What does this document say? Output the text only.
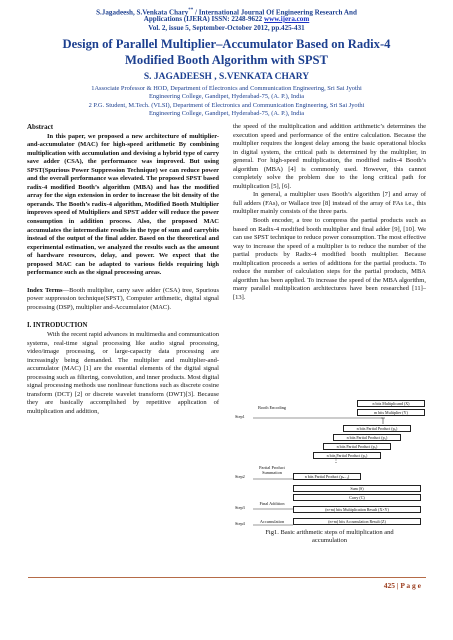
S.Jagadeesh, S.Venkata Chary** / International Journal Of Engineering Research And
Applications (IJERA) ISSN: 2248-9622 www.ijera.com
Vol. 2, issue 5, September-October 2012, pp.425-431
Design of Parallel Multiplier–Accumulator Based on Radix-4
Modified Booth Algorithm with SPST
S. JAGADEESH , S.VENKATA CHARY
1Associate Professor & HOD, Department of Electronics and Communication Engineering, Sri Sai Jyothi
Engineering College, Gandipet, Hyderabad-75, (A. P.), India
2 P.G. Student, M.Tech. (VLSI), Department of Electronics and Communication Engineering, Sri Sai Jyothi
Engineering College, Gandipet, Hyderabad-75, (A. P.), India
Abstract

In this paper, we proposed a new architecture of multiplier-and-accumulator (MAC) for high-speed arithmetic By combining multiplication with accumulation and devising a hybrid type of carry save adder (CSA), the performance was improved. But using SPST(Spurious Power Suppression Technique) we can reduce power and the overall performance was elevated. The proposed SPST based radix-4 modified Booth’s algorithm (MBA) and has the modified array for the sign extension in order to increase the bit density of the operands. The Booth’s radix-4 algorithm, Modified Booth Multiplier improves speed of Multipliers and SPST adder will reduce the power consumption in addition process. Also, the proposed MAC accumulates the intermediate results in the type of sum and carrybits instead of the output of the final adder. Based on the theoretical and experimental estimation, we analyzed the results such as the amount of hardware resources, delay, and power. We expect that the proposed MAC can be adapted to various fields requiring high performance such as the signal processing areas.

Index Terms—Booth multiplier, carry save adder (CSA) tree, Spurious power suppression technique(SPST), Computer arithmetic, digital signal processing (DSP), multiplier and-Accumulator (MAC).

I. INTRODUCTION

With the recent rapid advances in multimedia and communication systems, real-time signal processing like audio signal processing, video/image processing, or large-capacity data processing are increasingly being demanded. The multiplier and multiplier-and-accumulator (MAC) [1] are the essential elements of the digital signal processing such as filtering, convolution, and inner products. Most digital signal processing methods use nonlinear functions such as discrete cosine transform (DCT) [2] or discrete wavelet transform (DWT)[3]. Because they are basically accomplished by repetitive application of multiplication and addition,

the speed of the multiplication and addition arithmetic’s determines the execution speed and performance of the entire calculation. Because the multiplier requires the longest delay among the basic operational blocks in digital system, the critical path is determined by the multiplier, in general. For high-speed multiplication, the modified radix-4 Booth’s algorithm (MBA) [4] is commonly used. However, this cannot completely solve the problem due to the long critical path for multiplication [5], [6].

In general, a multiplier uses Booth’s algorithm [7] and array of full adders (FAs), or Wallace tree [8] instead of the array of FAs i.e., this multiplier mainly consists of the three parts.

Booth encoder, a tree to compress the partial products such as based on Radix-4 modified booth multiplier and final adder [9], [10]. We can use SPST technique to reduce power consumption. The most effective way to increase the speed of a multiplier is to reduce the number of the partial products by Radix-4 modified booth multiplier. Because multiplication proceeds a series of additions for the partial products. To reduce the number of calculation steps for the partial products, MBA algorithm has been applied. To increase the speed of the MBA algorithm, many parallel multiplication architectures have been researched [11]–[13].

Step1
Step2
Step3
Step4
Booth Encoding
Partial Product Summation
Final Addition
Accumulation
n bits Multiplicand (X)
m bits Multiplier (Y)
n bits Partial Product (p₀)
n bits Partial Product (p₁)
n bits Partial Product (p₂)
n bits Partial Product (p₃)
n bits Partial Product (pₙ₋₁)
Sum (S)
Carry (C)
(n+m) bits Multiplication Result (X×Y)
(n+m) bits Accumulation Result (Z)
⋮
Fig1. Basic arithmetic steps of multiplication and
accumulation
425 | P a g e
